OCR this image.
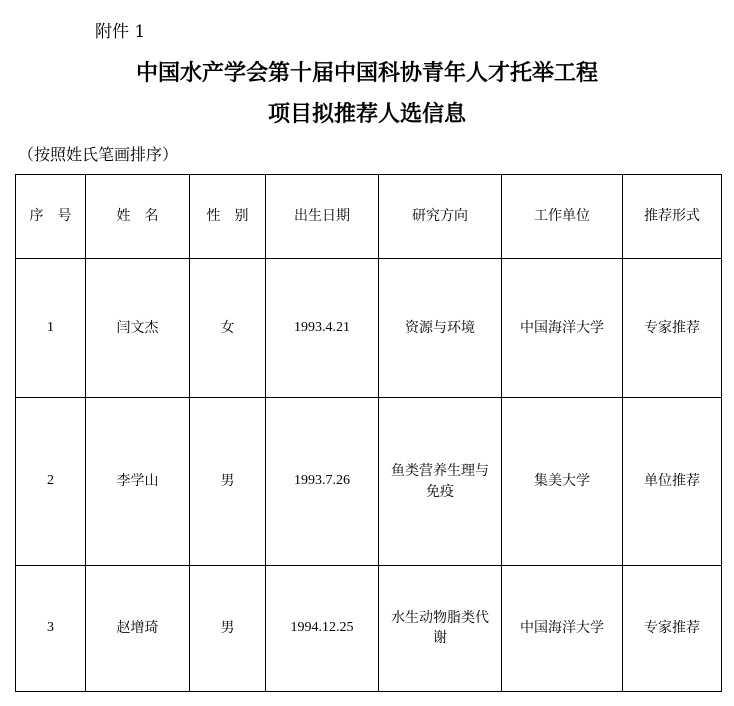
附件 1
中国水产学会第十届中国科协青年人才托举工程
项目拟推荐人选信息
（按照姓氏笔画排序）
序　号	姓　名	性　别	出生日期	研究方向	工作单位	推荐形式
1	闫文杰	女	1993.4.21	资源与环境	中国海洋大学	专家推荐
2	李学山	男	1993.7.26	鱼类营养生理与免疫	集美大学	单位推荐
3	赵增琦	男	1994.12.25	水生动物脂类代谢	中国海洋大学	专家推荐
